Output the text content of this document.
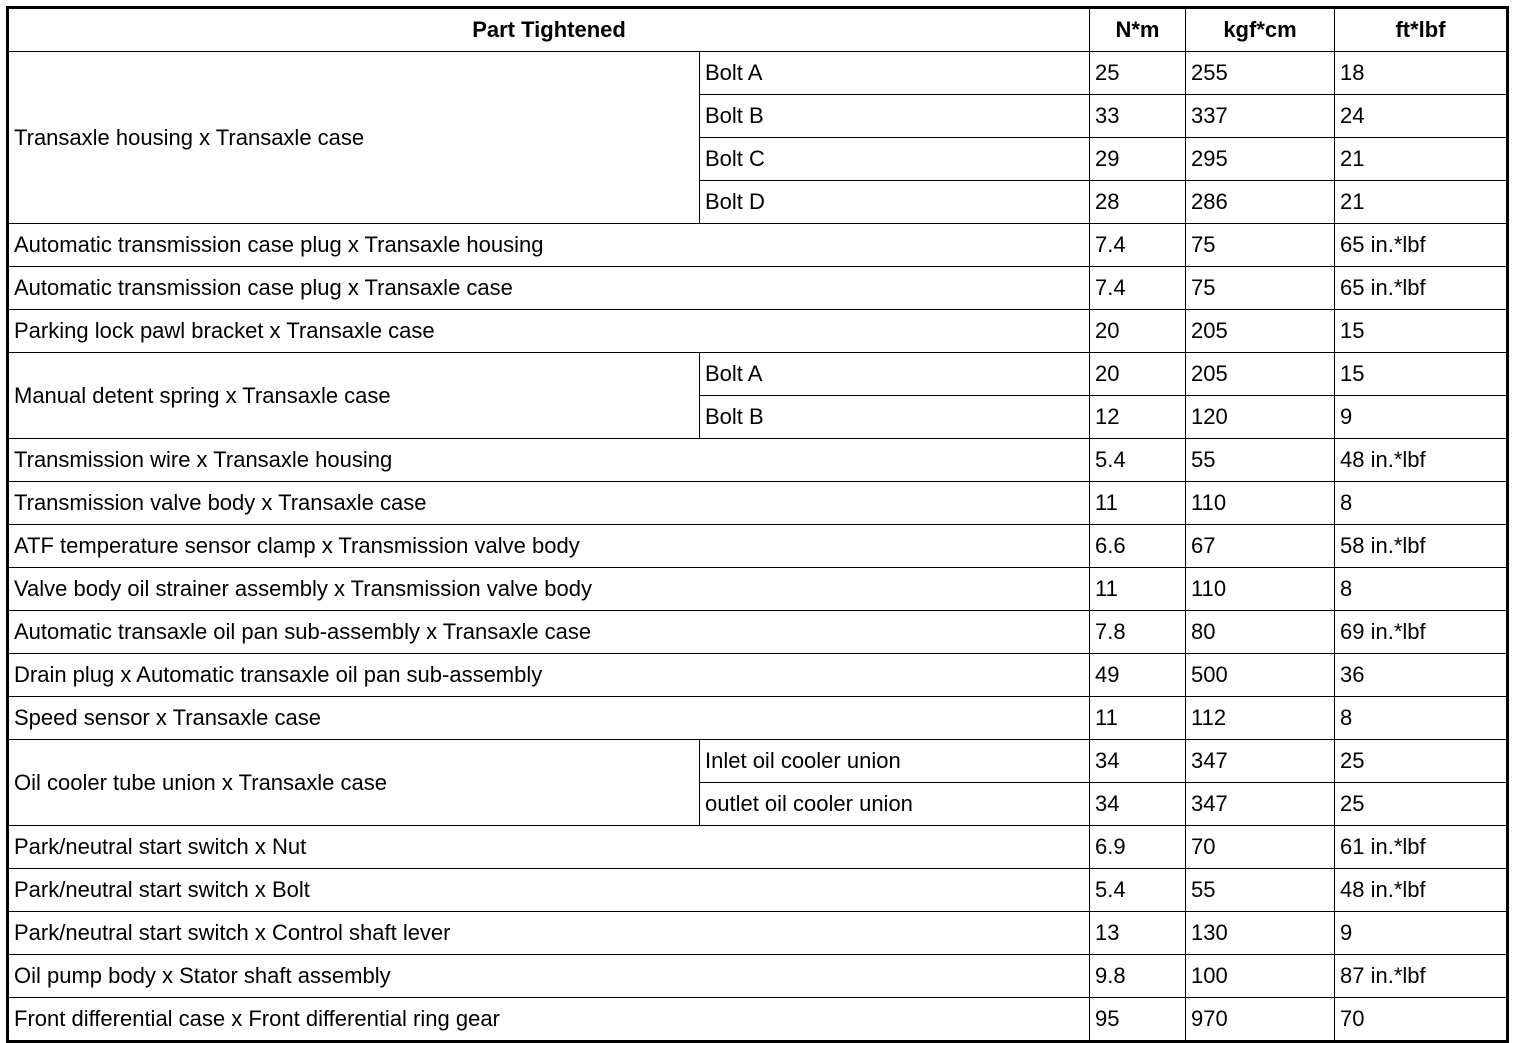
Part Tightened		N*m	kgf*cm	ft*lbf
Transaxle housing x Transaxle case	Bolt A	25	255	18
	Bolt B	33	337	24
	Bolt C	29	295	21
	Bolt D	28	286	21
Automatic transmission case plug x Transaxle housing		7.4	75	65 in.*lbf
Automatic transmission case plug x Transaxle case		7.4	75	65 in.*lbf
Parking lock pawl bracket x Transaxle case		20	205	15
Manual detent spring x Transaxle case	Bolt A	20	205	15
	Bolt B	12	120	9
Transmission wire x Transaxle housing		5.4	55	48 in.*lbf
Transmission valve body x Transaxle case		11	110	8
ATF temperature sensor clamp x Transmission valve body		6.6	67	58 in.*lbf
Valve body oil strainer assembly x Transmission valve body		11	110	8
Automatic transaxle oil pan sub-assembly x Transaxle case		7.8	80	69 in.*lbf
Drain plug x Automatic transaxle oil pan sub-assembly		49	500	36
Speed sensor x Transaxle case		11	112	8
Oil cooler tube union x Transaxle case	Inlet oil cooler union	34	347	25
	outlet oil cooler union	34	347	25
Park/neutral start switch x Nut		6.9	70	61 in.*lbf
Park/neutral start switch x Bolt		5.4	55	48 in.*lbf
Park/neutral start switch x Control shaft lever		13	130	9
Oil pump body x Stator shaft assembly		9.8	100	87 in.*lbf
Front differential case x Front differential ring gear		95	970	70
